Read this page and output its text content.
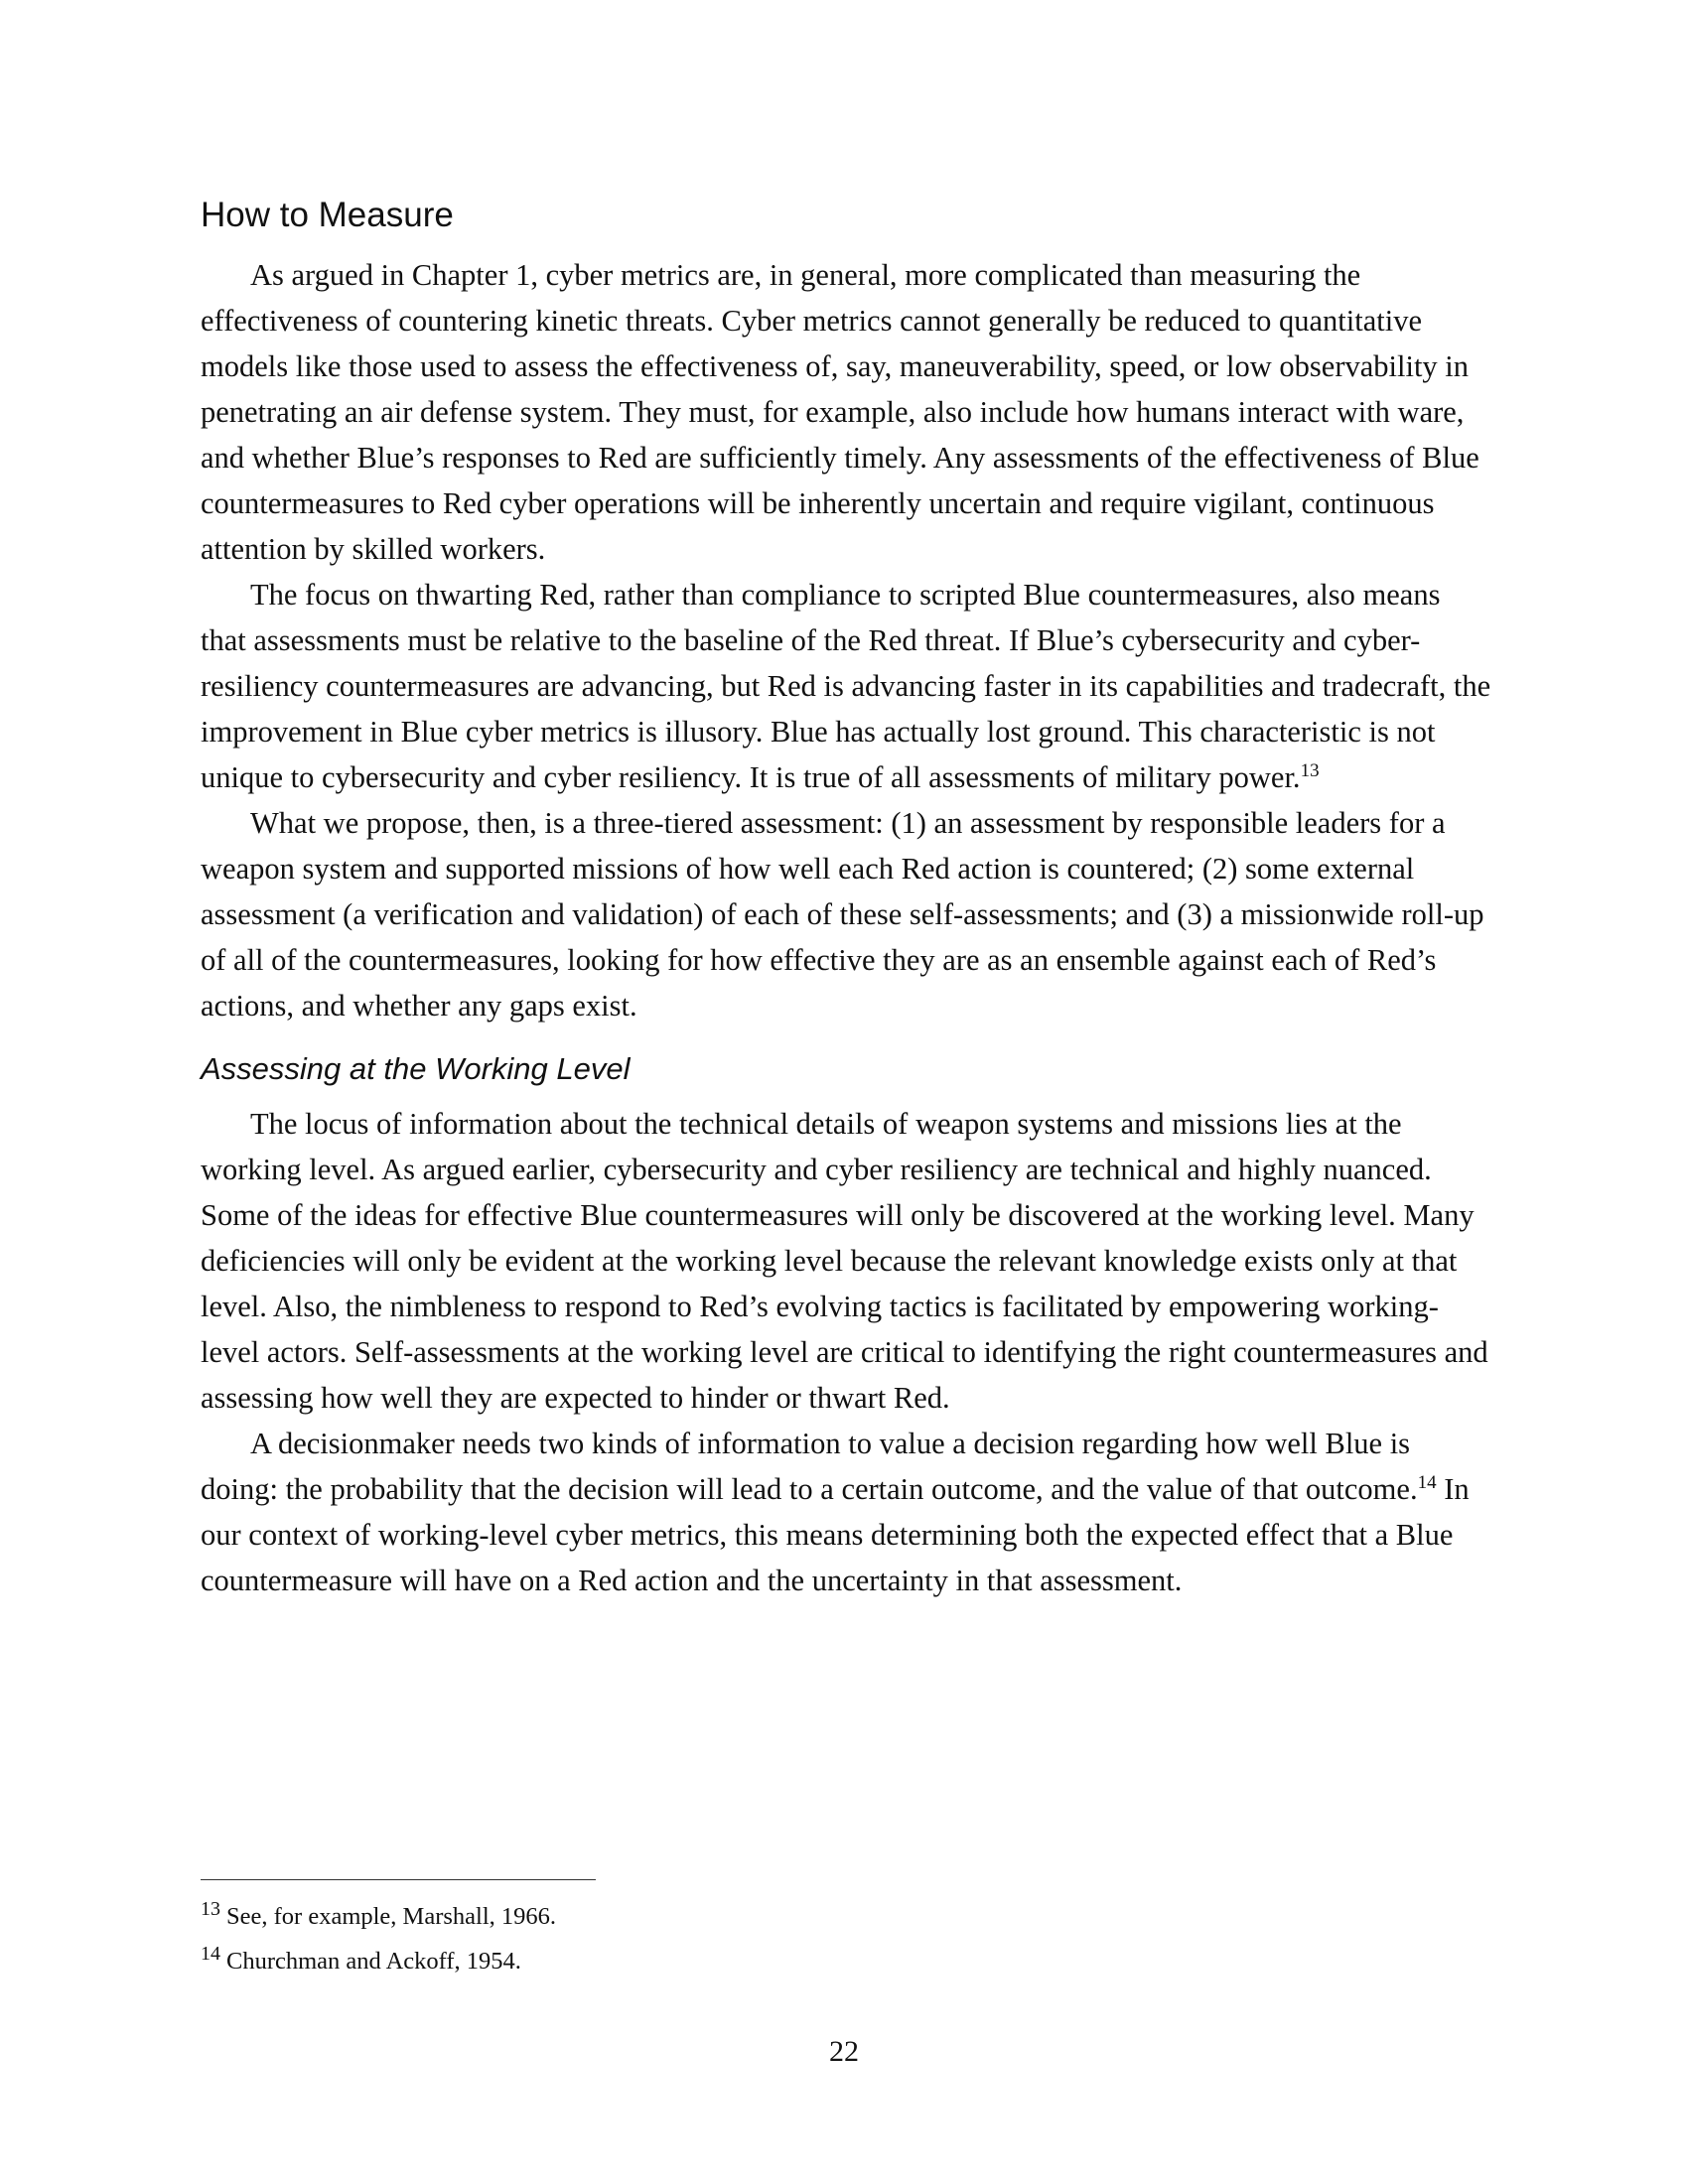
How to Measure

As argued in Chapter 1, cyber metrics are, in general, more complicated than measuring the effectiveness of countering kinetic threats. Cyber metrics cannot generally be reduced to quantitative models like those used to assess the effectiveness of, say, maneuverability, speed, or low observability in penetrating an air defense system. They must, for example, also include how humans interact with ware, and whether Blue’s responses to Red are sufficiently timely. Any assessments of the effectiveness of Blue countermeasures to Red cyber operations will be inherently uncertain and require vigilant, continuous attention by skilled workers.

The focus on thwarting Red, rather than compliance to scripted Blue countermeasures, also means that assessments must be relative to the baseline of the Red threat. If Blue’s cybersecurity and cyber-resiliency countermeasures are advancing, but Red is advancing faster in its capabilities and tradecraft, the improvement in Blue cyber metrics is illusory. Blue has actually lost ground. This characteristic is not unique to cybersecurity and cyber resiliency. It is true of all assessments of military power.$^{13}$

What we propose, then, is a three-tiered assessment: (1) an assessment by responsible leaders for a weapon system and supported missions of how well each Red action is countered; (2) some external assessment (a verification and validation) of each of these self-assessments; and (3) a missionwide roll-up of all of the countermeasures, looking for how effective they are as an ensemble against each of Red’s actions, and whether any gaps exist.

Assessing at the Working Level

The locus of information about the technical details of weapon systems and missions lies at the working level. As argued earlier, cybersecurity and cyber resiliency are technical and highly nuanced. Some of the ideas for effective Blue countermeasures will only be discovered at the working level. Many deficiencies will only be evident at the working level because the relevant knowledge exists only at that level. Also, the nimbleness to respond to Red’s evolving tactics is facilitated by empowering working-level actors. Self-assessments at the working level are critical to identifying the right countermeasures and assessing how well they are expected to hinder or thwart Red.

A decisionmaker needs two kinds of information to value a decision regarding how well Blue is doing: the probability that the decision will lead to a certain outcome, and the value of that outcome.$^{14}$ In our context of working-level cyber metrics, this means determining both the expected effect that a Blue countermeasure will have on a Red action and the uncertainty in that assessment.

$^{13}$ See, for example, Marshall, 1966.

$^{14}$ Churchman and Ackoff, 1954.

22
